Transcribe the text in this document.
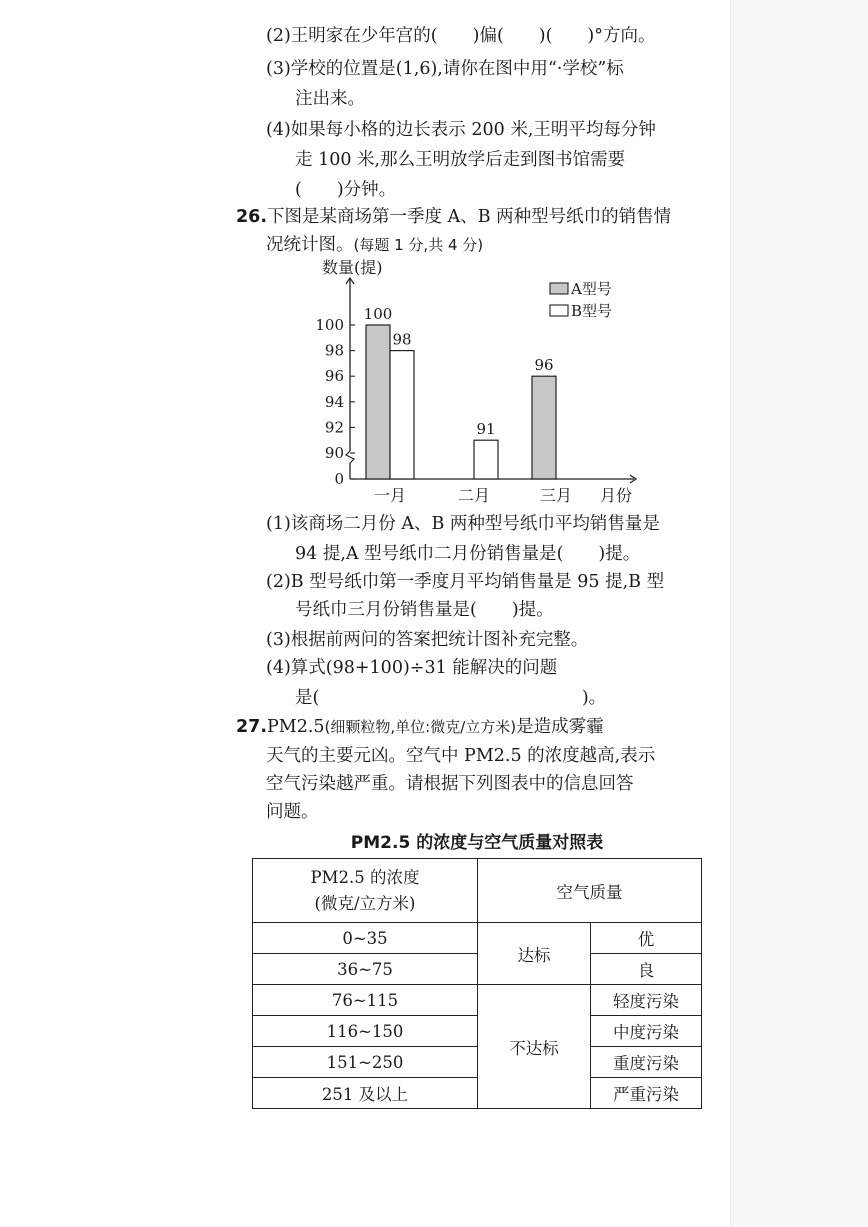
(2)王明家在少年宫的(　　)偏(　　)(　　)°方向。
(3)学校的位置是(1,6),请你在图中用“·学校”标
注出来。
(4)如果每小格的边长表示 200 米,王明平均每分钟
走 100 米,那么王明放学后走到图书馆需要
(　　)分钟。
26.下图是某商场第一季度 A、B 两种型号纸巾的销售情
况统计图。(每题 1 分,共 4 分)
数量(提)
月份
0
90
92
94
96
98
100
一月	二月	三月
100
96
98
91
A型号
B型号
(1)该商场二月份 A、B 两种型号纸巾平均销售量是
94 提,A 型号纸巾二月份销售量是(　　)提。
(2)B 型号纸巾第一季度月平均销售量是 95 提,B 型
号纸巾三月份销售量是(　　)提。
(3)根据前两问的答案把统计图补充完整。
(4)算式(98+100)÷31 能解决的问题
是(　　　　　　　　　　　　　　　)。
27.PM2.5(细颗粒物,单位:微克/立方米)是造成雾霾
天气的主要元凶。空气中 PM2.5 的浓度越高,表示
空气污染越严重。请根据下列图表中的信息回答
问题。
PM2.5 的浓度与空气质量对照表
PM2.5 的浓度
(微克/立方米)	空气质量	
0~35	达标	优
36~75		良
76~115	不达标	轻度污染
116~150		中度污染
151~250		重度污染
251 及以上		严重污染
